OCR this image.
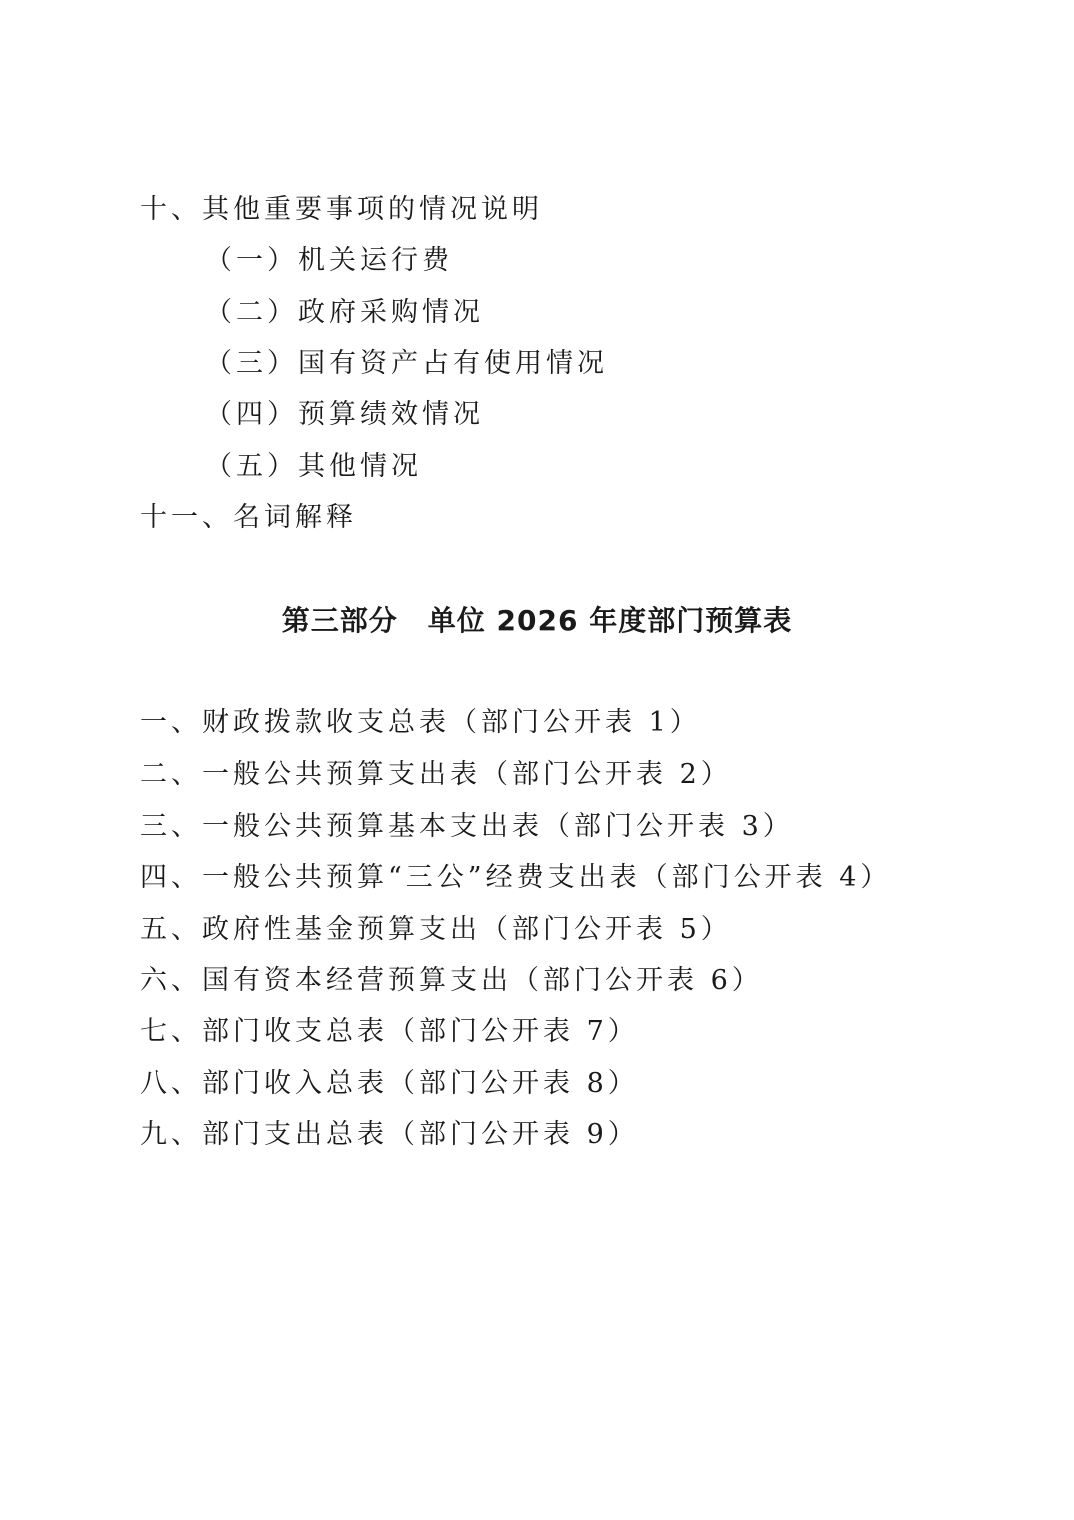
十、其他重要事项的情况说明
（一）机关运行费
（二）政府采购情况
（三）国有资产占有使用情况
（四）预算绩效情况
（五）其他情况
十一、名词解释
第三部分 单位 2026 年度部门预算表
一、财政拨款收支总表（部门公开表 1）
二、一般公共预算支出表（部门公开表 2）
三、一般公共预算基本支出表（部门公开表 3）
四、一般公共预算“三公”经费支出表（部门公开表 4）
五、政府性基金预算支出（部门公开表 5）
六、国有资本经营预算支出（部门公开表 6）
七、部门收支总表（部门公开表 7）
八、部门收入总表（部门公开表 8）
九、部门支出总表（部门公开表 9）
